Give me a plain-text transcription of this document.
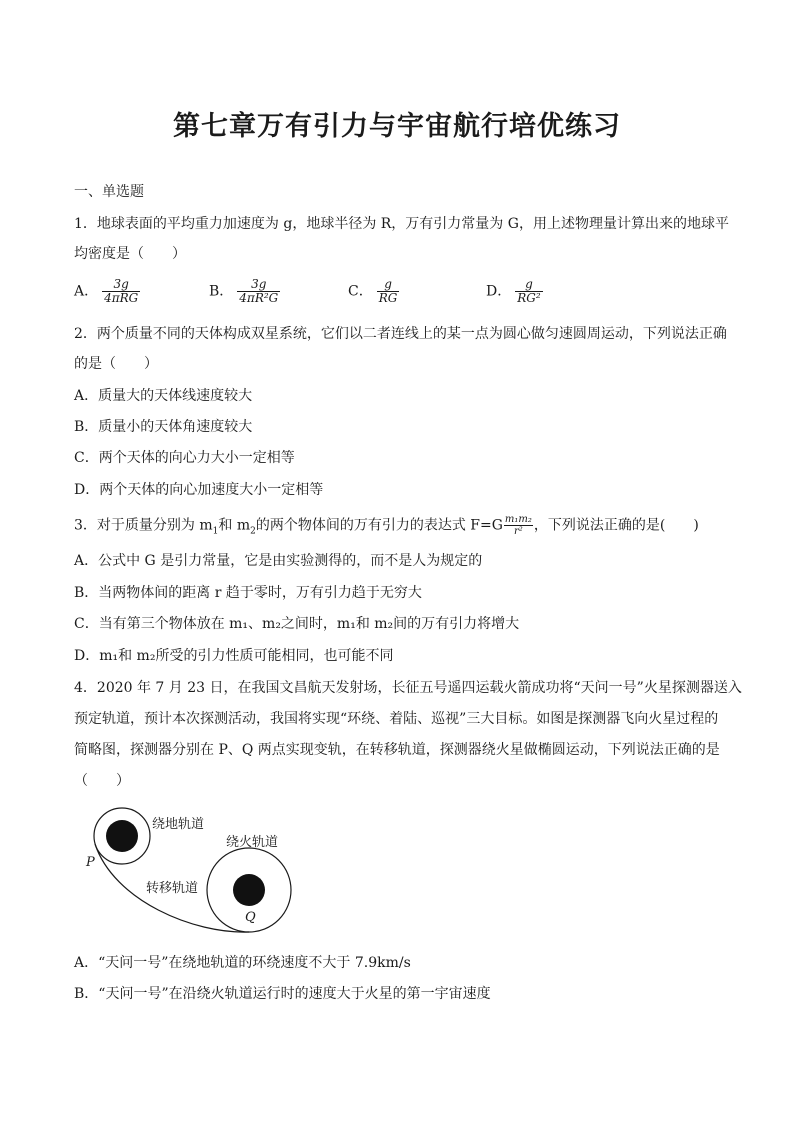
第七章万有引力与宇宙航行培优练习
一、单选题
1．地球表面的平均重力加速度为 g，地球半径为 R，万有引力常量为 G，用上述物理量计算出来的地球平
均密度是（　　）
A． $\frac{3g}{\text{4πRG}}$	B． $\frac{3g}{\text{4πR²G}}$	C． $\frac{g}{RG}$	D． $\frac{g}{\text{RG²}}$
2．两个质量不同的天体构成双星系统，它们以二者连线上的某一点为圆心做匀速圆周运动，下列说法正确
的是（　　）
A．质量大的天体线速度较大
B．质量小的天体角速度较大
C．两个天体的向心力大小一定相等
D．两个天体的向心加速度大小一定相等
3．对于质量分别为 $m_1$和 $m_2$的两个物体间的万有引力的表达式 $F=G \frac{\text{m₁m₂}}{\text{r²}}$ ，下列说法正确的是(　　)
A．公式中 G 是引力常量，它是由实验测得的，而不是人为规定的
B．当两物体间的距离 r 趋于零时，万有引力趋于无穷大
C．当有第三个物体放在 m₁、m₂之间时，m₁和 m₂间的万有引力将增大
D．m₁和 m₂所受的引力性质可能相同，也可能不同
4．2020 年 7 月 23 日，在我国文昌航天发射场，长征五号遥四运载火箭成功将“天问一号”火星探测器送入
预定轨道，预计本次探测活动，我国将实现“环绕、着陆、巡视”三大目标。如图是探测器飞向火星过程的
简略图，探测器分别在 P、Q 两点实现变轨，在转移轨道，探测器绕火星做椭圆运动，下列说法正确的是
（　　）
绕地轨道
绕火轨道
转移轨道
P
Q
A．“天问一号”在绕地轨道的环绕速度不大于 7.9km/s
B．“天问一号”在沿绕火轨道运行时的速度大于火星的第一宇宙速度
